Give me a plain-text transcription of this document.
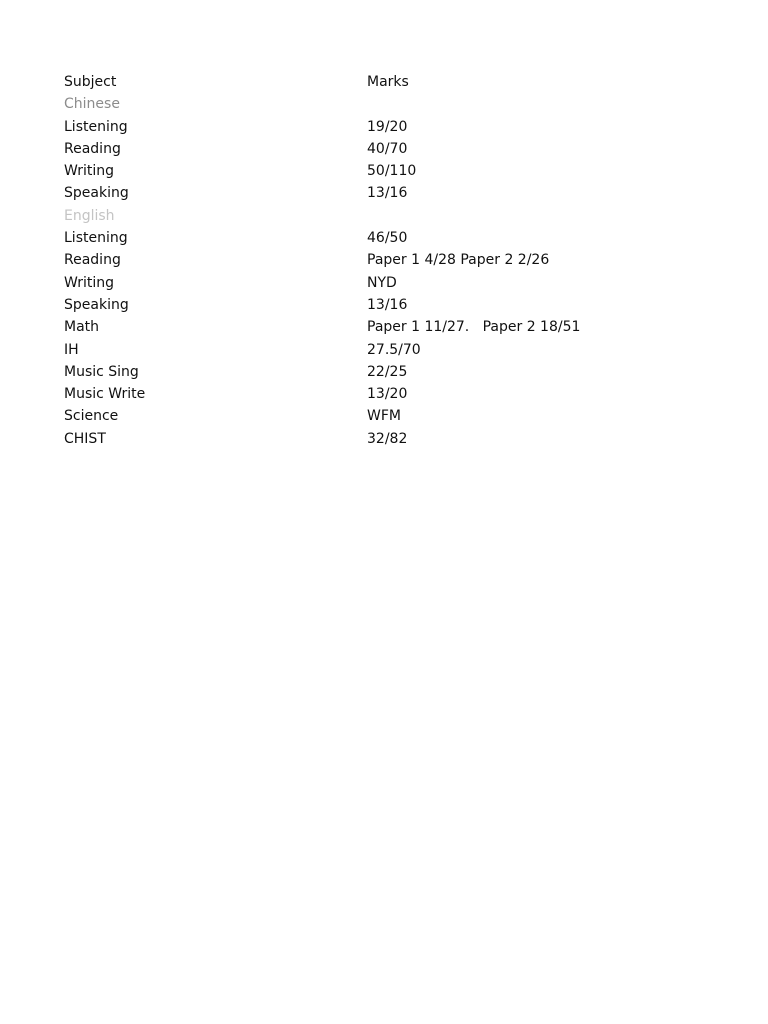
Subject	Marks
Chinese
Listening	19/20
Reading	40/70
Writing	50/110
Speaking	13/16
English
Listening	46/50
Reading	Paper 1 4/28 Paper 2 2/26
Writing	NYD
Speaking	13/16
Math	Paper 1 11/27.   Paper 2 18/51
IH	27.5/70
Music Sing	22/25
Music Write	13/20
Science	WFM
CHIST	32/82
